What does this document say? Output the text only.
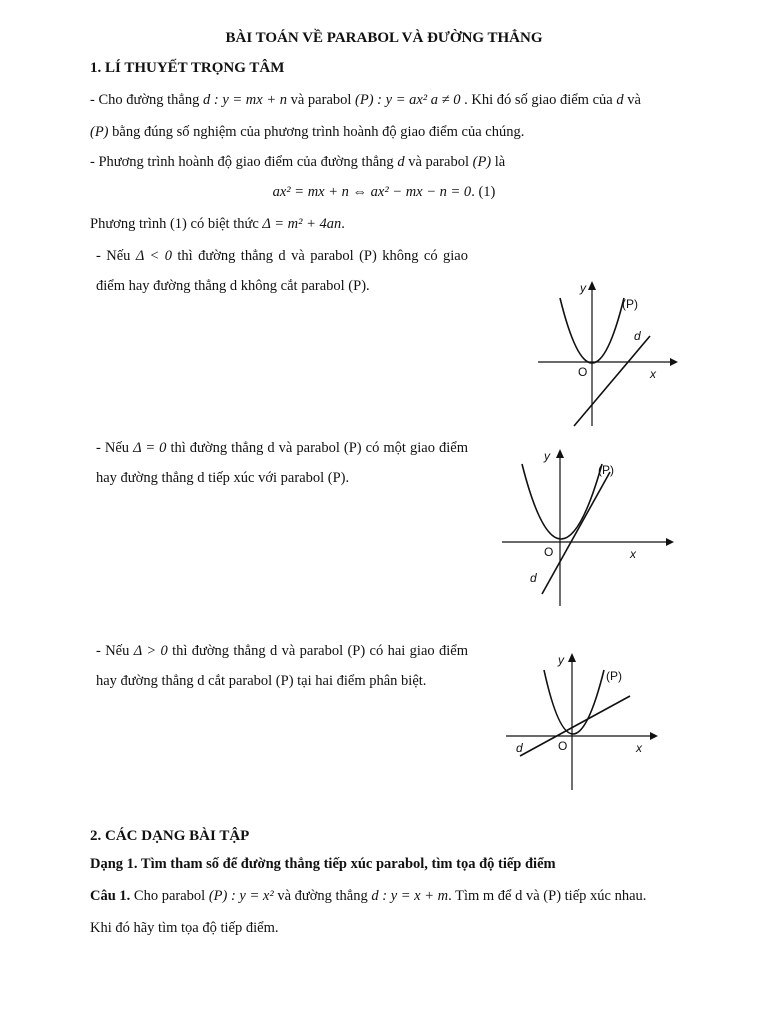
BÀI TOÁN VỀ PARABOL VÀ ĐƯỜNG THẲNG
1. LÍ THUYẾT TRỌNG TÂM
- Cho đường thẳng d : y = mx + n và parabol (P) : y = ax² a ≠ 0 . Khi đó số giao điểm của d và
(P) bằng đúng số nghiệm của phương trình hoành độ giao điểm của chúng.
- Phương trình hoành độ giao điểm của đường thẳng d và parabol (P) là
ax² = mx + n ⇔ ax² − mx − n = 0. (1)
Phương trình (1) có biệt thức Δ = m² + 4an.
- Nếu Δ < 0 thì đường thẳng d và parabol (P) không có giao điểm hay đường thẳng d không cắt parabol (P).
- Nếu Δ = 0 thì đường thẳng d và parabol (P) có một giao điểm hay đường thẳng d tiếp xúc với parabol (P).
- Nếu Δ > 0 thì đường thẳng d và parabol (P) có hai giao điểm hay đường thẳng d cắt parabol (P) tại hai điểm phân biệt.
y
x
O
(P)
d
y
x
O
(P)
d
y
x
O
(P)
d
2. CÁC DẠNG BÀI TẬP
Dạng 1. Tìm tham số để đường thẳng tiếp xúc parabol, tìm tọa độ tiếp điểm
Câu 1. Cho parabol (P) : y = x² và đường thẳng d : y = x + m. Tìm m để d và (P) tiếp xúc nhau.
Khi đó hãy tìm tọa độ tiếp điểm.
